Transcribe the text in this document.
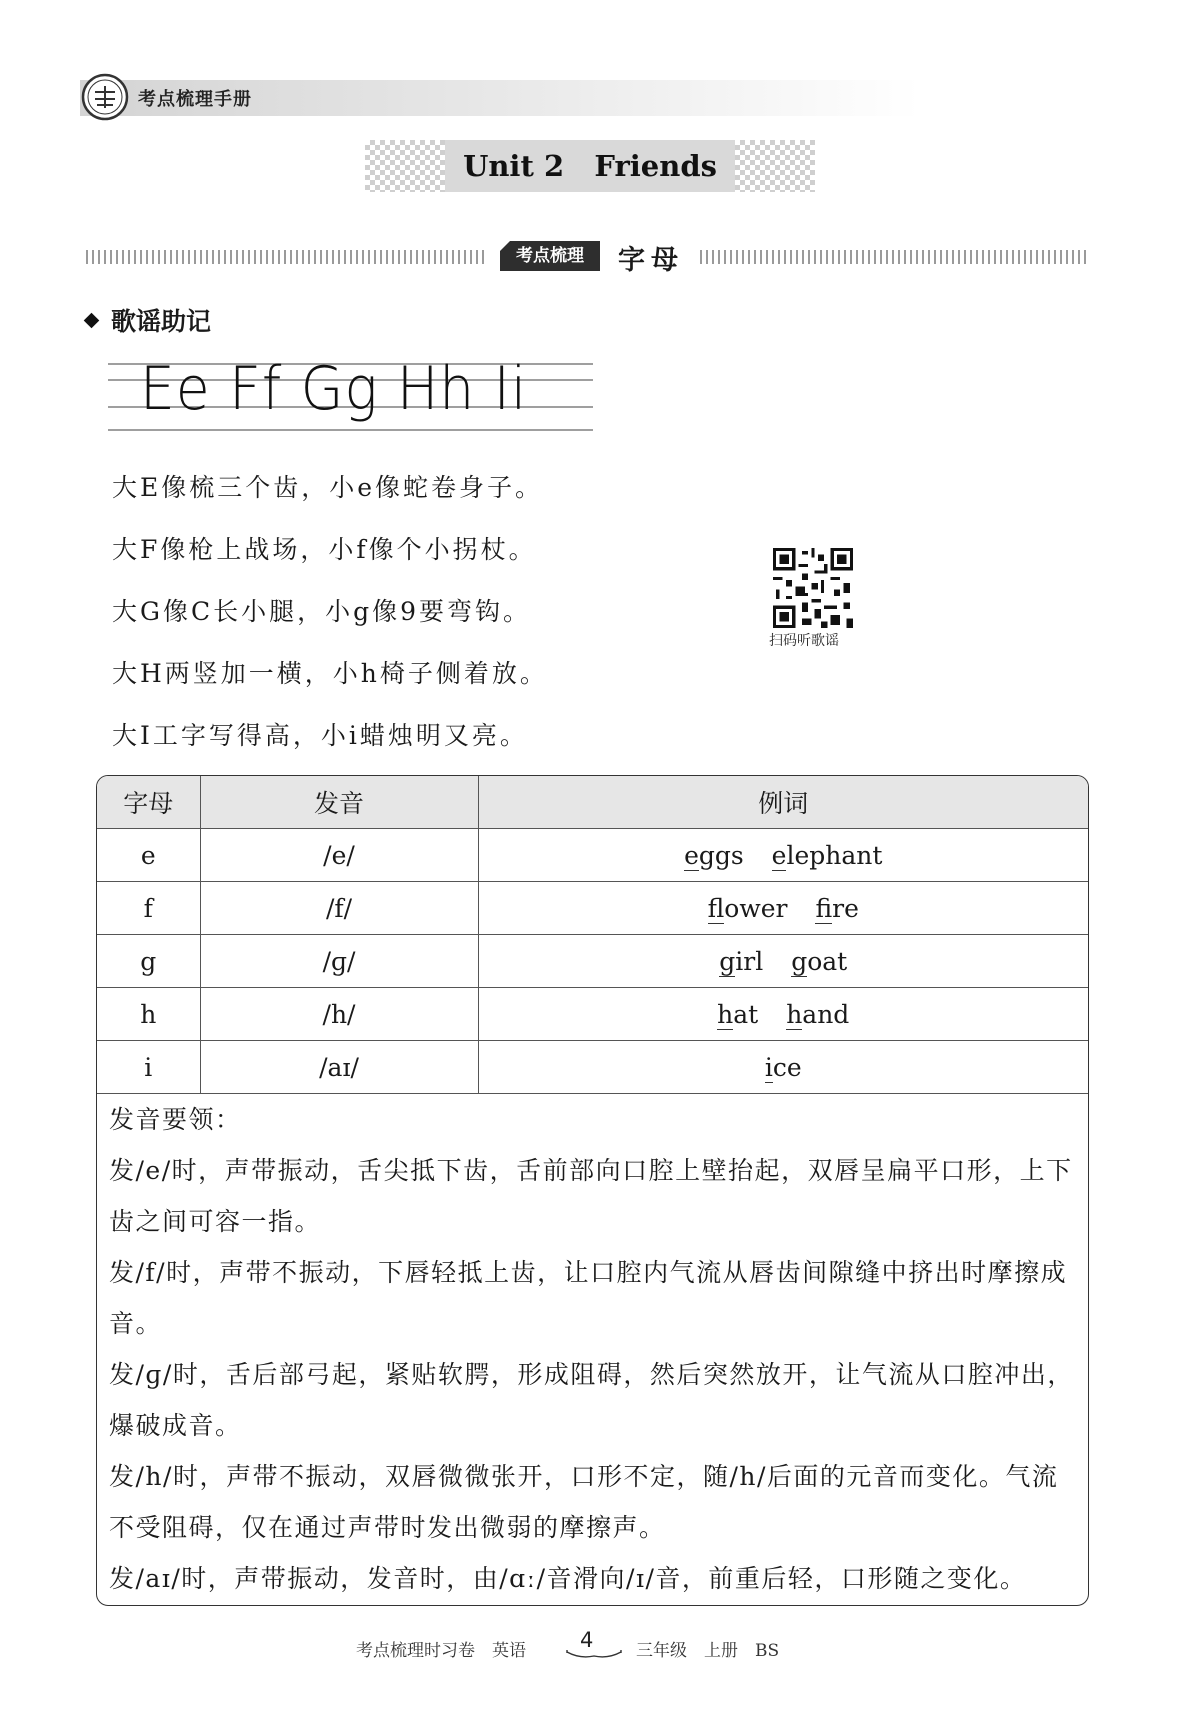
考点梳理手册
Unit 2   Friends
考点梳理	字母
歌谣助记
Ee Ff Gg Hh Ii
大E像梳三个齿，小e像蛇卷身子。
大F像枪上战场，小f像个小拐杖。
大G像C长小腿，小g像9要弯钩。
大H两竖加一横，小h椅子侧着放。
大I工字写得高，小i蜡烛明又亮。
扫码听歌谣
字母	发音	例词
e	/e/	eggs elephant
f	/f/	flower fire
g	/ɡ/	girl goat
h	/h/	hat hand
i	/aɪ/	ice

发音要领：

发/e/时，声带振动，舌尖抵下齿，舌前部向口腔上壁抬起，双唇呈扁平口形，上下齿之间可容一指。

发/f/时，声带不振动，下唇轻抵上齿，让口腔内气流从唇齿间隙缝中挤出时摩擦成音。

发/ɡ/时，舌后部弓起，紧贴软腭，形成阻碍，然后突然放开，让气流从口腔冲出，爆破成音。

发/h/时，声带不振动，双唇微微张开，口形不定，随/h/后面的元音而变化。气流不受阻碍，仅在通过声带时发出微弱的摩擦声。

发/aɪ/时，声带振动，发音时，由/ɑː/音滑向/ɪ/音，前重后轻，口形随之变化。

考点梳理时习卷　英语	4	三年级　上册　BS
